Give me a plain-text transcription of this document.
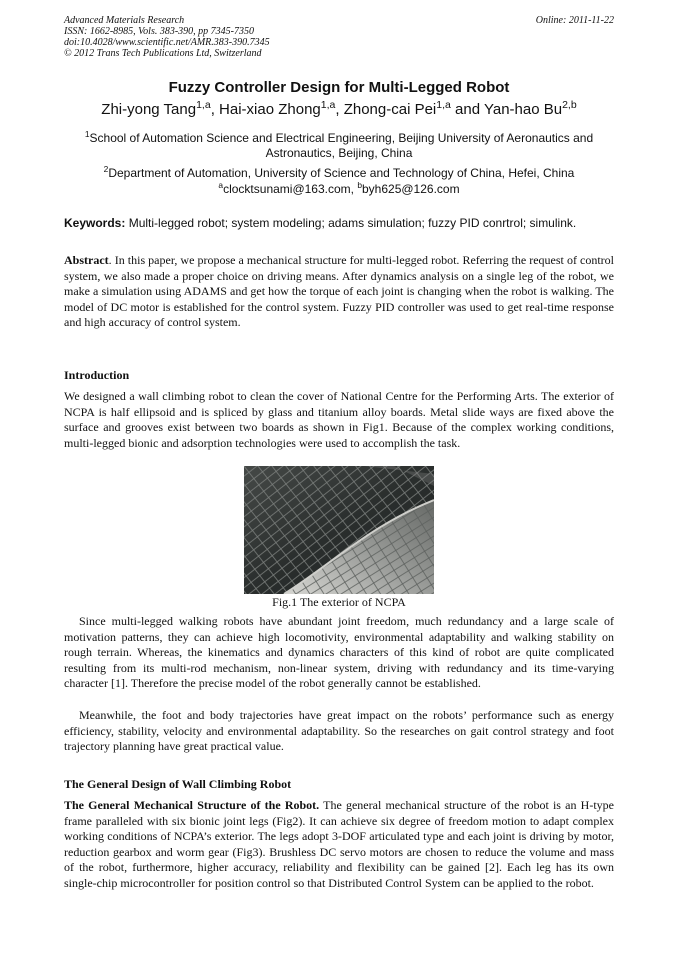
Advanced Materials Research
ISSN: 1662-8985, Vols. 383-390, pp 7345-7350
doi:10.4028/www.scientific.net/AMR.383-390.7345
© 2012 Trans Tech Publications Ltd, Switzerland
Online: 2011-11-22
Fuzzy Controller Design for Multi-Legged Robot
Zhi-yong Tang$^{1,a}$, Hai-xiao Zhong$^{1,a}$, Zhong-cai Pei$^{1,a}$ and Yan-hao Bu$^{2,b}$
$^1$School of Automation Science and Electrical Engineering, Beijing University of Aeronautics and Astronautics, Beijing, China
$^2$Department of Automation, University of Science and Technology of China, Hefei, China
$^a$clocktsunami@163.com, $^b$byh625@126.com
Keywords: Multi-legged robot; system modeling; adams simulation; fuzzy PID conrtrol; simulink.

Abstract. In this paper, we propose a mechanical structure for multi-legged robot. Referring the request of control system, we also made a proper choice on driving means. After dynamics analysis on a single leg of the robot, we make a simulation using ADAMS and get how the torque of each joint is changing when the robot is walking. The model of DC motor is established for the control system. Fuzzy PID controller was used to get real-time response and high accuracy of control system.

Introduction

We designed a wall climbing robot to clean the cover of National Centre for the Performing Arts. The exterior of NCPA is half ellipsoid and is spliced by glass and titanium alloy boards. Metal slide ways are fixed above the surface and grooves exist between two boards as shown in Fig1. Because of the complex working conditions, multi-legged bionic and adsorption technologies were used to accomplish the task.

Fig.1 The exterior of NCPA

Since multi-legged walking robots have abundant joint freedom, much redundancy and a large scale of motivation patterns, they can achieve high locomotivity, environmental adaptability and walking stability on rough terrain. Whereas, the kinematics and dynamics characters of this kind of robot are quite complicated resulting from its multi-rod mechanism, non-linear system, driving with redundancy and its time-varying character [1]. Therefore the precise model of the robot generally cannot be established.

Meanwhile, the foot and body trajectories have great impact on the robots’ performance such as energy efficiency, stability, velocity and environmental adaptability. So the researches on gait control strategy and foot trajectory planning have great practical value.

The General Design of Wall Climbing Robot

The General Mechanical Structure of the Robot. The general mechanical structure of the robot is an H-type frame paralleled with six bionic joint legs (Fig2). It can achieve six degree of freedom motion to adapt complex working conditions of NCPA’s exterior. The legs adopt 3-DOF articulated type and each joint is driving by motor, reduction gearbox and worm gear (Fig3). Brushless DC servo motors are chosen to reduce the volume and mass of the robot, furthermore, higher accuracy, reliability and flexibility can be gained [2]. Each leg has its own single-chip microcontroller for position control so that Distributed Control System can be applied to the robot.
